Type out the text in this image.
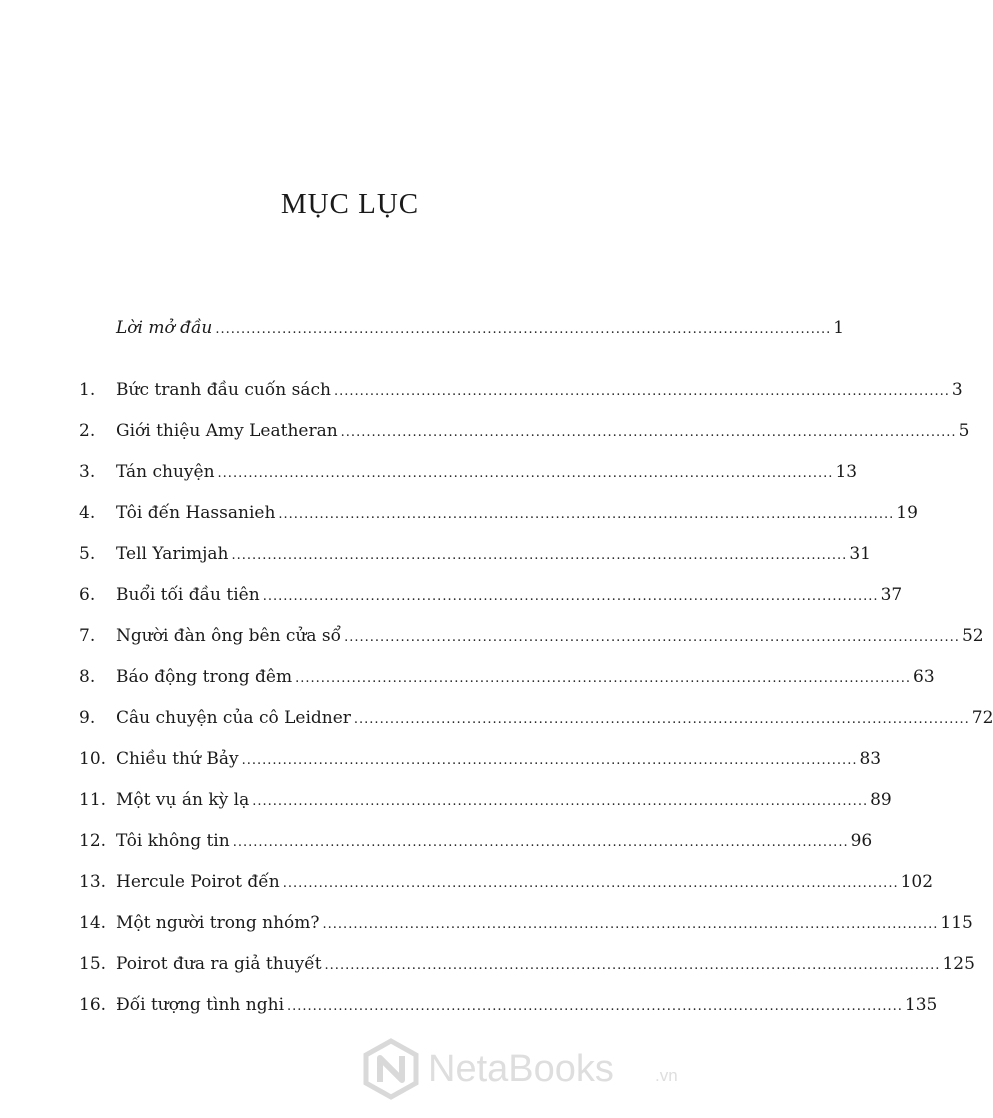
MỤC LỤC
Lời mở đầu ........................................................................................................................ 1
1. Bức tranh đầu cuốn sách ........................................................................................................................ 3
2. Giới thiệu Amy Leatheran ........................................................................................................................ 5
3. Tán chuyện ........................................................................................................................ 13
4. Tôi đến Hassanieh ........................................................................................................................ 19
5. Tell Yarimjah ........................................................................................................................ 31
6. Buổi tối đầu tiên ........................................................................................................................ 37
7. Người đàn ông bên cửa sổ ........................................................................................................................ 52
8. Báo động trong đêm ........................................................................................................................ 63
9. Câu chuyện của cô Leidner ........................................................................................................................ 72
10. Chiều thứ Bảy ........................................................................................................................ 83
11. Một vụ án kỳ lạ ........................................................................................................................ 89
12. Tôi không tin ........................................................................................................................ 96
13. Hercule Poirot đến ........................................................................................................................ 102
14. Một người trong nhóm? ........................................................................................................................ 115
15. Poirot đưa ra giả thuyết ........................................................................................................................ 125
16. Đối tượng tình nghi ........................................................................................................................ 135
NetaBooks .vn
